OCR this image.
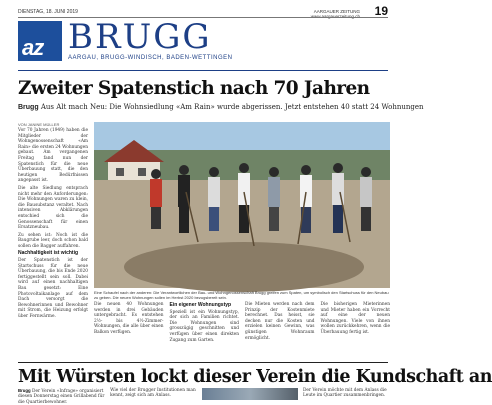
DIENSTAG, 18. JUNI 2019	AARGAUER ZEITUNG
www.aargauerzeitung.ch 19
az BRUGG
AARGAU, BRUGG-WINDISCH, BADEN-WETTINGEN
Zweiter Spatenstich nach 70 Jahren
Brugg Aus Alt mach Neu: Die Wohnsiedlung «Am Rain» wurde abgerissen. Jetzt entstehen 40 statt 24 Wohnungen
VON JANINE MÜLLER

Vor 70 Jahren (1949) haben die Mitglieder der Wohngenossenschaft «Am Rain» die ersten 24 Wohnungen gebaut. Am vergangenen Freitag fand nun der Spatenstich für die neue Überbauung statt, die den heutigen Bedürfnissen angepasst ist.

Die alte Siedlung entsprach nicht mehr den Anforderungen: Die Wohnungen waren zu klein, die Bausubstanz veraltet. Nach intensiven Abklärungen entschied sich die Genossenschaft für einen Ersatzneubau.

Zu sehen ist: Noch ist die Baugrube leer, doch schon bald sollen die Bagger auffahren.

Nachhaltigkeit ist wichtig

Der Spatenstich ist der Startschuss für die neue Überbauung, die bis Ende 2020 fertiggestellt sein soll. Dabei wird auf einen nachhaltigen Bau gesetzt: Eine Photovoltaikanlage auf dem Dach versorgt die Bewohnerinnen und Bewohner mit Strom, die Heizung erfolgt über Fernwärme.

Eine Schaufel nach der anderen: Die Verantwortlichen der Bau- und Wohngenossenschaft Brugg greifen zum Spaten, um symbolisch den Startschuss für den Neubau zu geben. Die neuen Wohnungen sollen im Herbst 2020 bezugsbereit sein.
Die neuen 40 Wohnungen werden in drei Gebäuden untergebracht. Es entstehen 2½- bis 4½-Zimmer-Wohnungen, die alle über einen Balkon verfügen.
Ein eigener Wohnungstyp
Speziell ist ein Wohnungstyp, der sich an Familien richtet. Die Wohnungen sind grosszügig geschnitten und verfügen über einen direkten Zugang zum Garten.
Die Mieten werden nach dem Prinzip der Kostenmiete berechnet. Das heisst, sie decken nur die Kosten und erzielen keinen Gewinn, was günstigen Wohnraum ermöglicht.
Die bisherigen Mieterinnen und Mieter haben ein Vorrecht auf eine der neuen Wohnungen. Viele von ihnen wollen zurückkehren, wenn die Überbauung fertig ist.
Mit Würsten lockt dieser Verein die Kundschaft an
Brugg Der Verein «Infrage» organisiert diesen Donnerstag einen Grillabend für die Quartierbewohner.
Wie viel der Brugger Institutionen man kennt, zeigt sich am Anlass.
Der Verein möchte mit dem Anlass die Leute im Quartier zusammenbringen.
